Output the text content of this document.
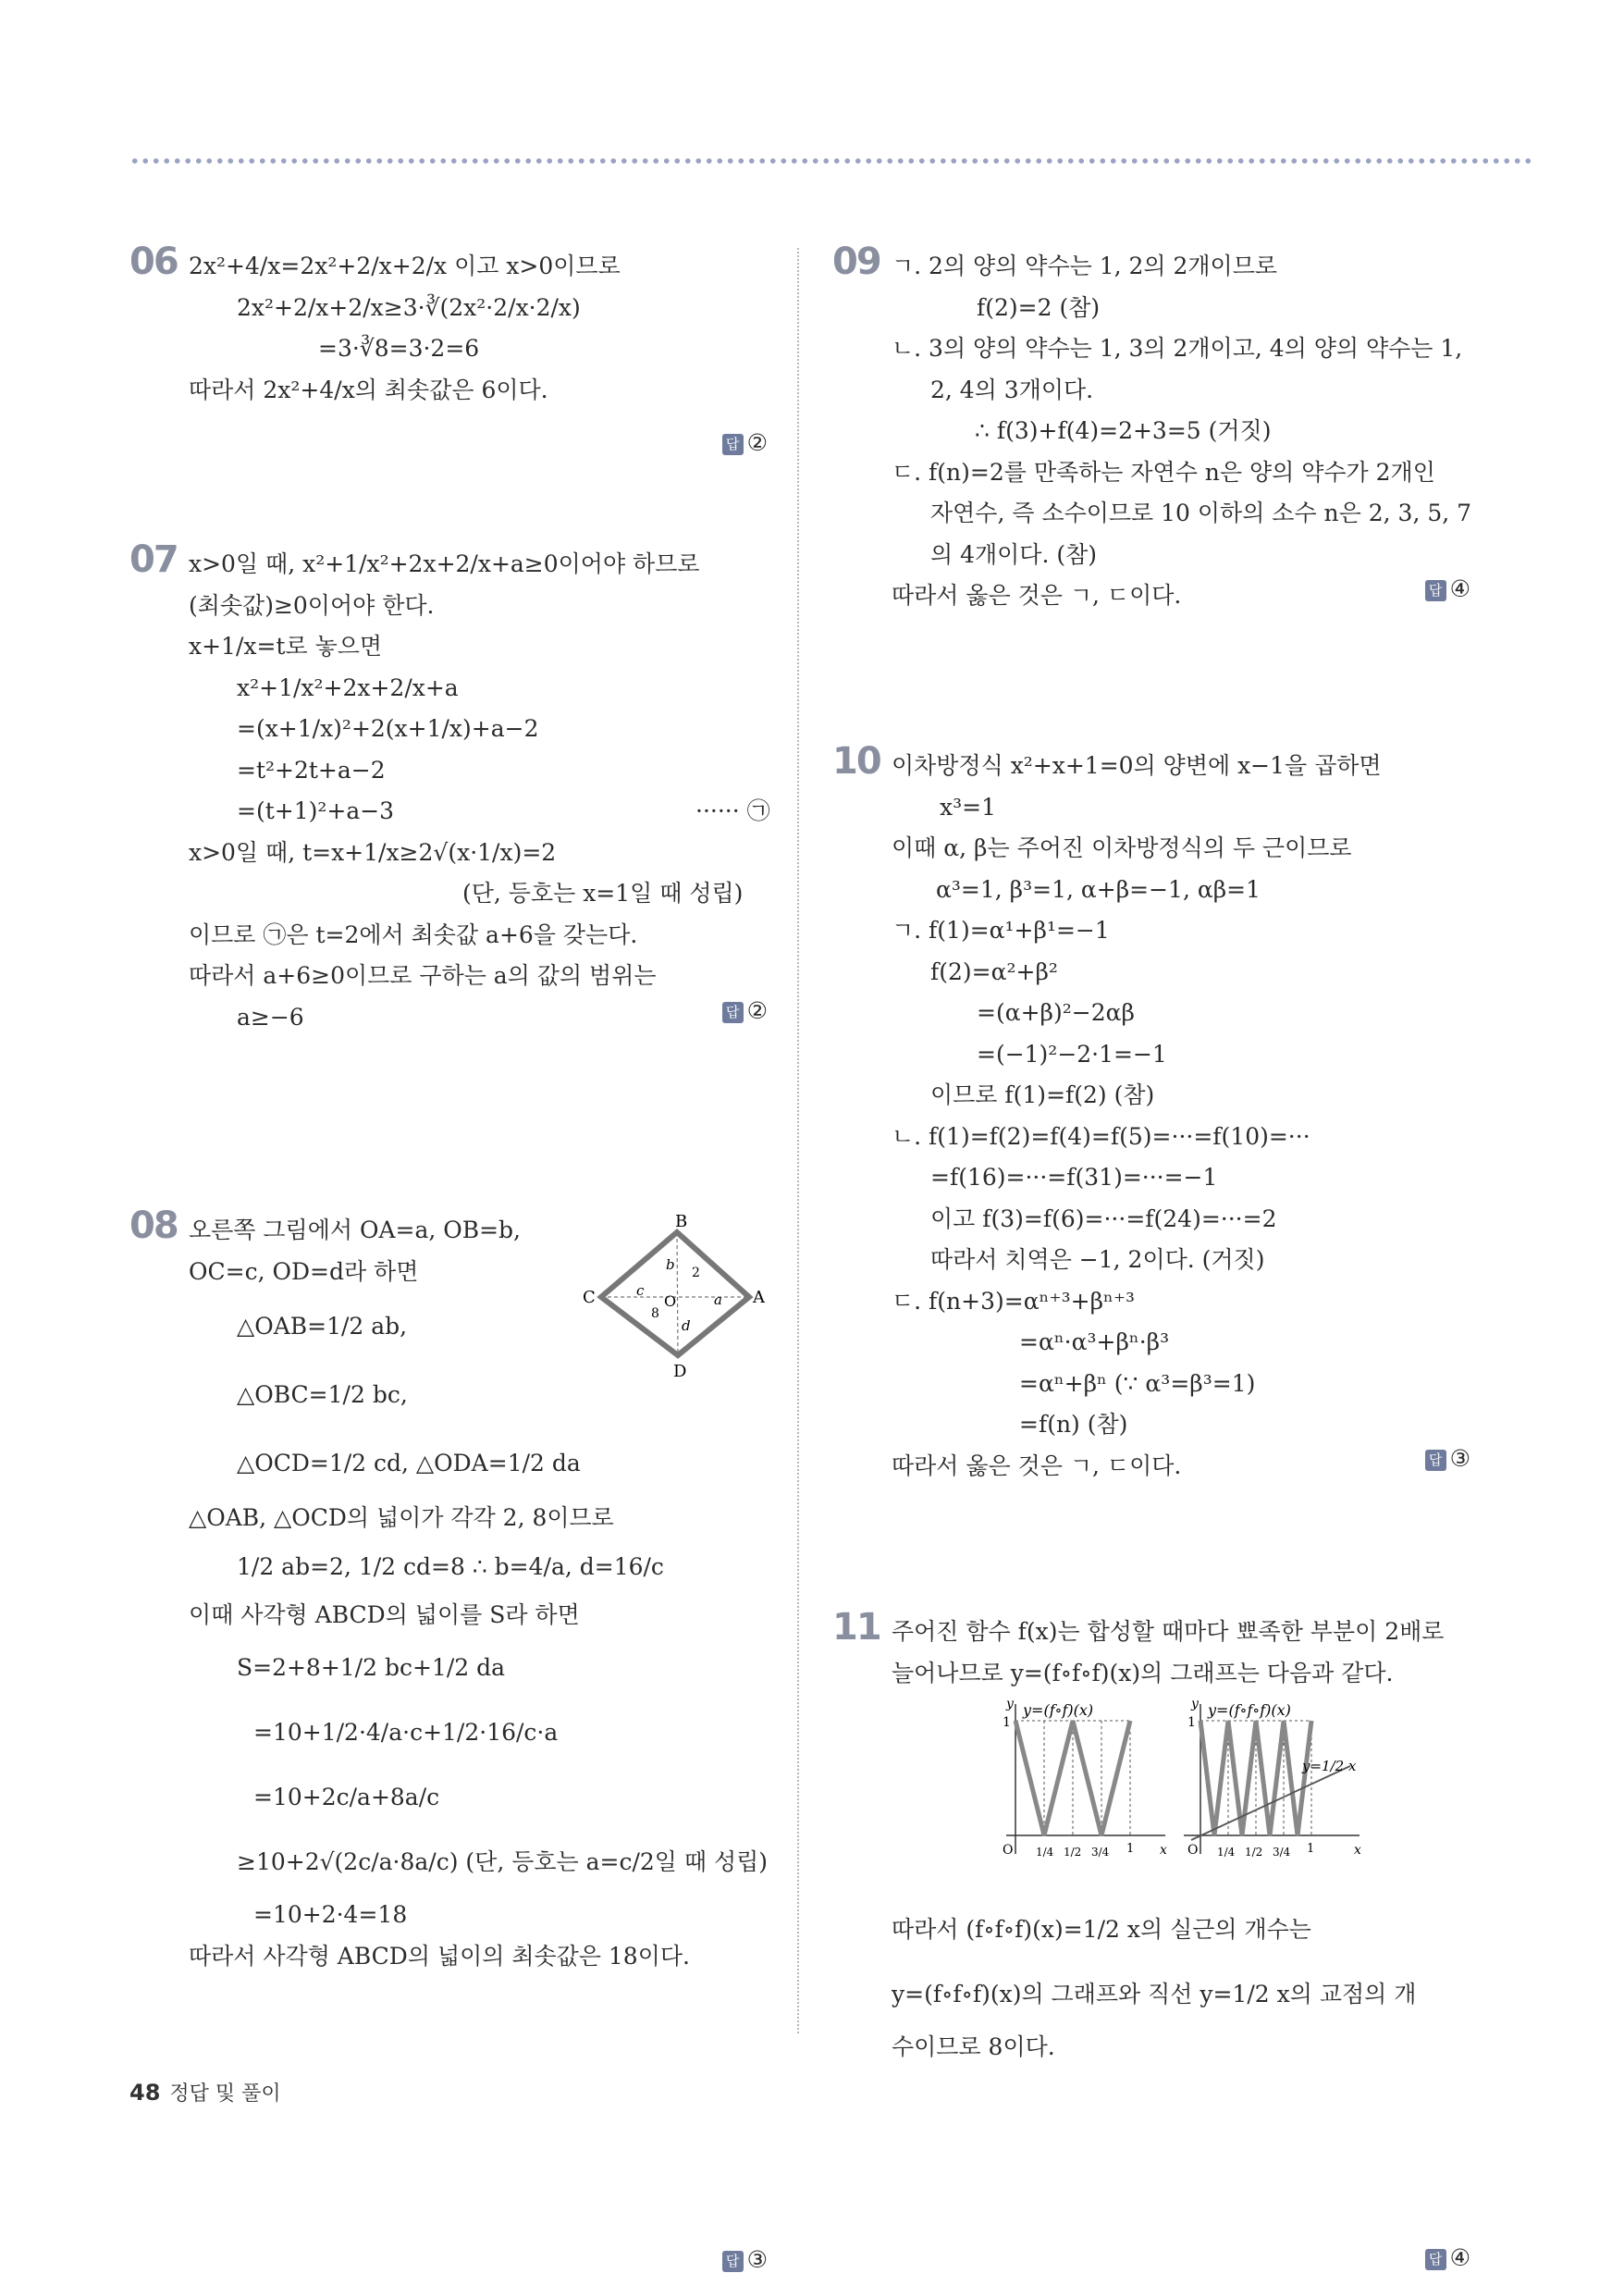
06 2x²+4/x=2x²+2/x+2/x 이고 x>0이므로
2x²+2/x+2/x≥3·∛(2x²·2/x·2/x)
=3·∛8=3·2=6
따라서 2x²+4/x의 최솟값은 6이다.
답 ②
07 x>0일 때, x²+1/x²+2x+2/x+a≥0이어야 하므로
(최솟값)≥0이어야 한다.
x+1/x=t로 놓으면
x²+1/x²+2x+2/x+a
=(x+1/x)²+2(x+1/x)+a−2
=t²+2t+a−2
=(t+1)²+a−3	······ ㉠
x>0일 때, t=x+1/x≥2√(x·1/x)=2
(단, 등호는 x=1일 때 성립)
이므로 ㉠은 t=2에서 최솟값 a+6을 갖는다.
따라서 a+6≥0이므로 구하는 a의 값의 범위는
a≥−6	답 ②
08 오른쪽 그림에서 OA=a, OB=b,
OC=c, OD=d라 하면
△OAB=1/2 ab,
△OBC=1/2 bc,
△OCD=1/2 cd, △ODA=1/2 da
△OAB, △OCD의 넓이가 각각 2, 8이므로
1/2 ab=2, 1/2 cd=8 ∴ b=4/a, d=16/c
이때 사각형 ABCD의 넓이를 S라 하면
S=2+8+1/2 bc+1/2 da
=10+1/2·4/a·c+1/2·16/c·a
=10+2c/a+8a/c
≥10+2√(2c/a·8a/c) (단, 등호는 a=c/2일 때 성립)
=10+2·4=18
따라서 사각형 ABCD의 넓이의 최솟값은 18이다.
답 ③
B
A
C
D
O	a
b
c
d
2
8
09 ㄱ. 2의 양의 약수는 1, 2의 2개이므로
f(2)=2 (참)
ㄴ. 3의 양의 약수는 1, 3의 2개이고, 4의 양의 약수는 1,
2, 4의 3개이다.
∴ f(3)+f(4)=2+3=5 (거짓)
ㄷ. f(n)=2를 만족하는 자연수 n은 양의 약수가 2개인
자연수, 즉 소수이므로 10 이하의 소수 n은 2, 3, 5, 7
의 4개이다. (참)
따라서 옳은 것은 ㄱ, ㄷ이다.	답 ④
10 이차방정식 x²+x+1=0의 양변에 x−1을 곱하면
x³=1
이때 α, β는 주어진 이차방정식의 두 근이므로
α³=1, β³=1, α+β=−1, αβ=1
ㄱ. f(1)=α¹+β¹=−1
f(2)=α²+β²
=(α+β)²−2αβ
=(−1)²−2·1=−1
이므로 f(1)=f(2) (참)
ㄴ. f(1)=f(2)=f(4)=f(5)=···=f(10)=···
=f(16)=···=f(31)=···=−1
이고 f(3)=f(6)=···=f(24)=···=2
따라서 치역은 −1, 2이다. (거짓)
ㄷ. f(n+3)=αⁿ⁺³+βⁿ⁺³
=αⁿ·α³+βⁿ·β³
=αⁿ+βⁿ (∵ α³=β³=1)
=f(n) (참)
따라서 옳은 것은 ㄱ, ㄷ이다.	답 ③
11 주어진 함수 f(x)는 합성할 때마다 뾰족한 부분이 2배로
늘어나므로 y=(f∘f∘f)(x)의 그래프는 다음과 같다.
따라서 (f∘f∘f)(x)=1/2 x의 실근의 개수는
y=(f∘f∘f)(x)의 그래프와 직선 y=1/2 x의 교점의 개
수이므로 8이다.
답 ④
y=(f∘f)(x)
1
y
x
O 1/4 1/2 3/4 1
y=(f∘f∘f)(x)
y=1/2 x
1
y
x
O 1/4 1/2 3/4 1
48 정답 및 풀이
